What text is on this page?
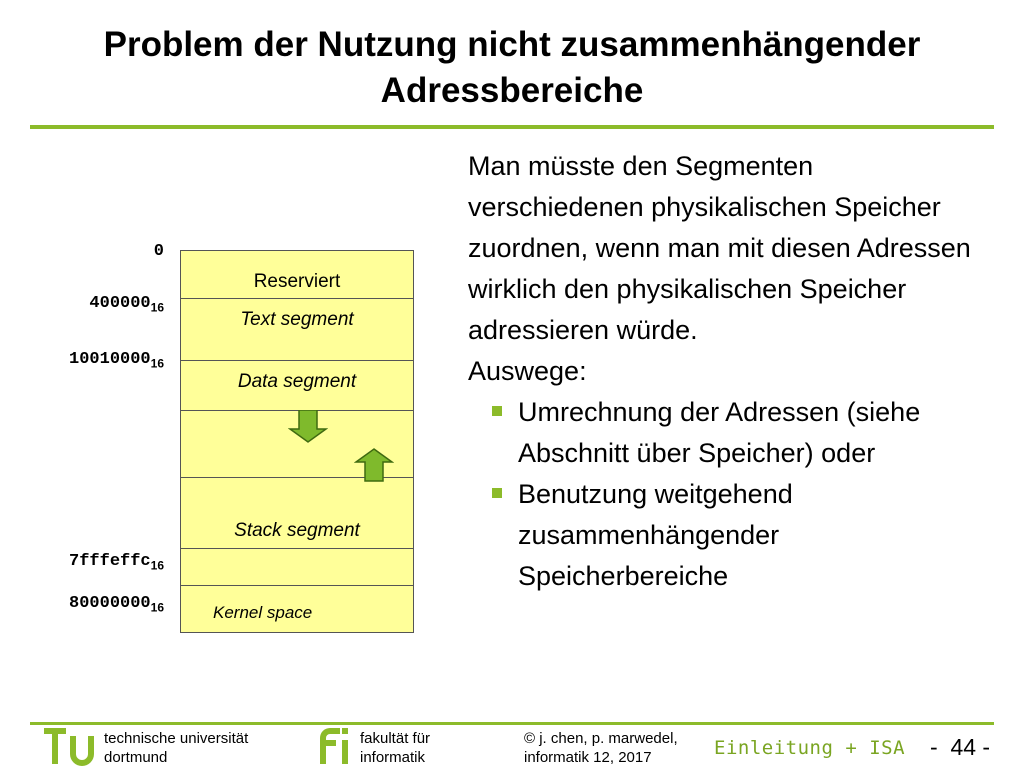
Problem der Nutzung nicht zusammenhängender
Adressbereiche
0
$400000_{16}$
$10010000_{16}$
7fffeffc$_{16}$
$80000000_{16}$
Reserviert
Text segment
Data segment
Stack segment
Kernel space

Man müsste den Segmenten verschiedenen physikalischen Speicher zuordnen, wenn man mit diesen Adressen wirklich den physikalischen Speicher adressieren würde.

Auswege:

Umrechnung der Adressen (siehe Abschnitt über Speicher) oder
Benutzung weitgehend zusammenhängender Speicherbereiche
technische universität
dortmund
fakultät für
informatik
© j. chen, p. marwedel,
informatik 12, 2017	Einleitung + ISA -  44 -
